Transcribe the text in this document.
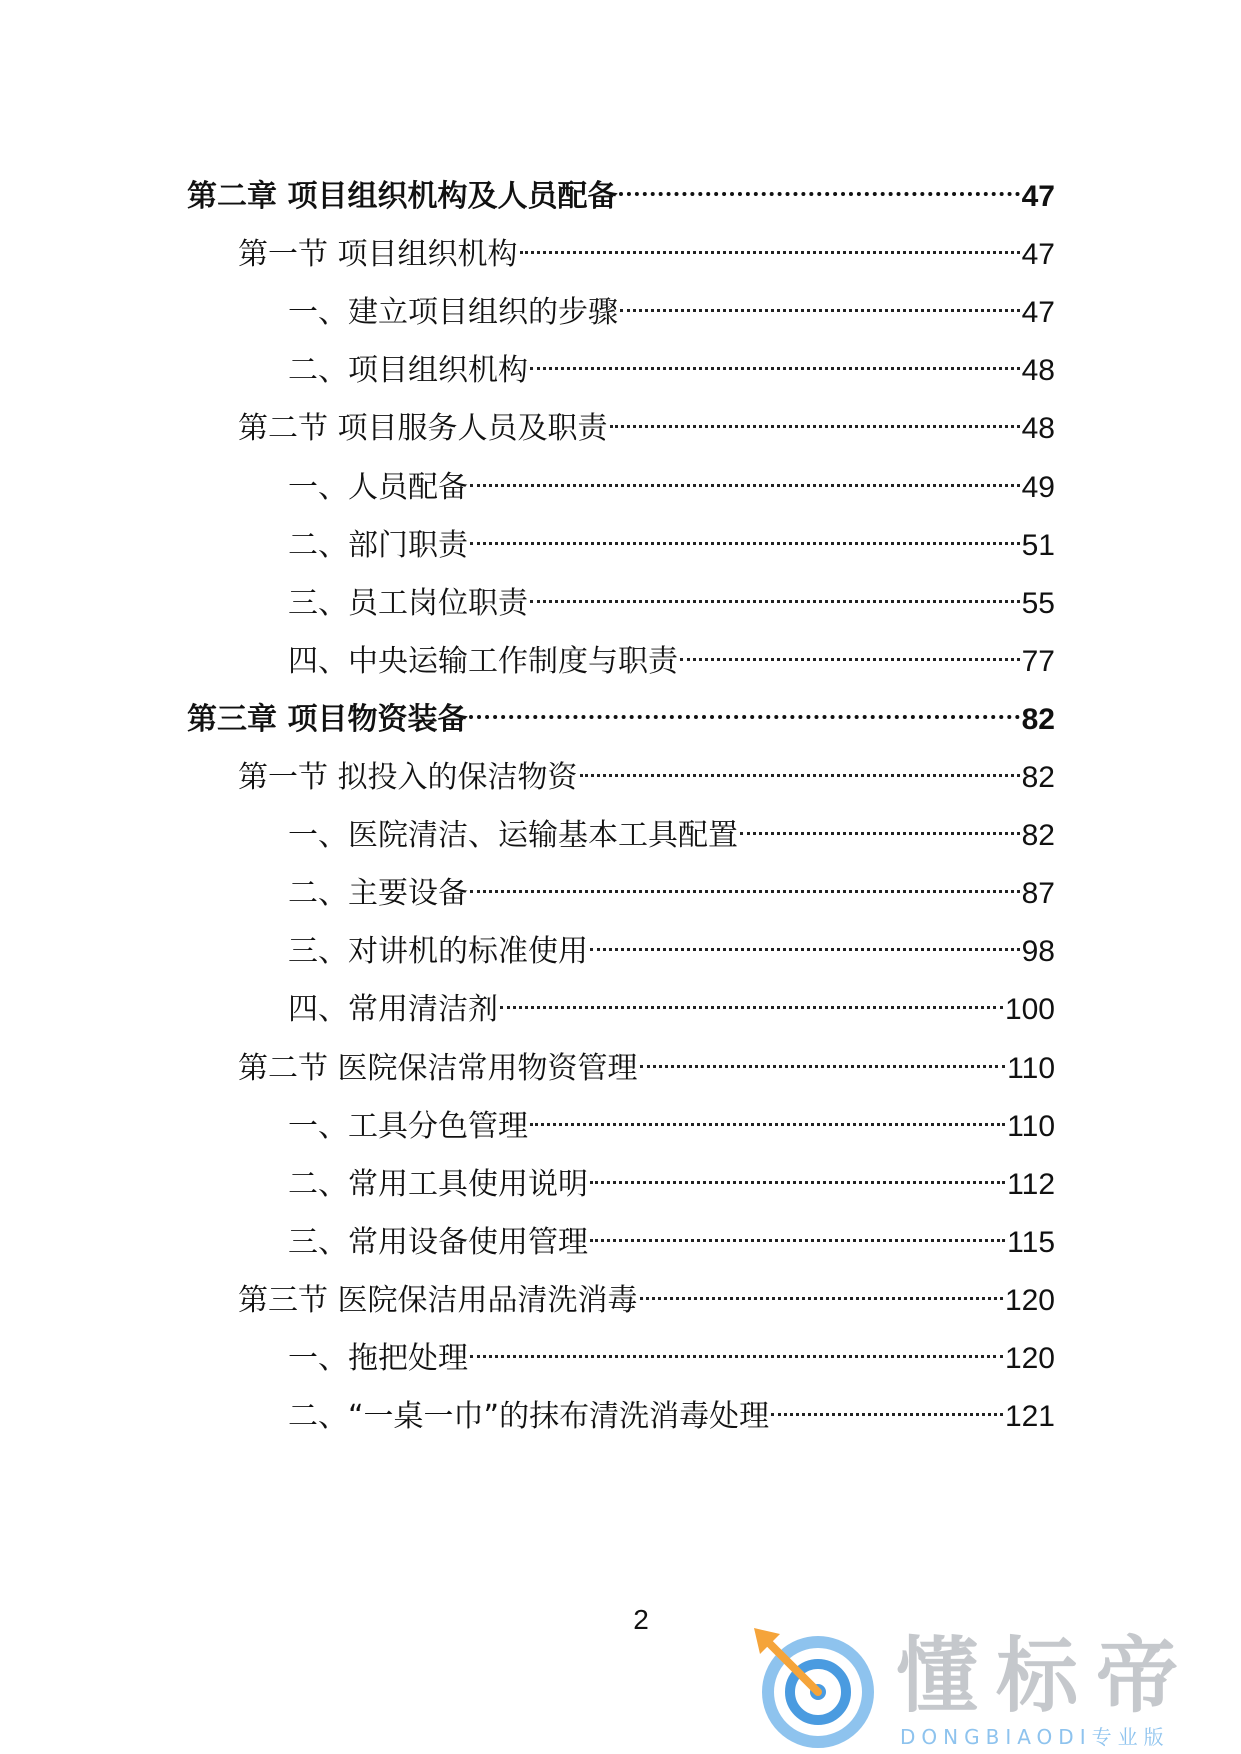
第二章 项目组织机构及人员配备	47
第一节 项目组织机构	47
一、建立项目组织的步骤	47
二、项目组织机构	48
第二节 项目服务人员及职责	48
一、人员配备	49
二、部门职责	51
三、员工岗位职责	55
四、中央运输工作制度与职责	77
第三章 项目物资装备	82
第一节 拟投入的保洁物资	82
一、医院清洁、运输基本工具配置	82
二、主要设备	87
三、对讲机的标准使用	98
四、常用清洁剂	100
第二节 医院保洁常用物资管理	110
一、工具分色管理	110
二、常用工具使用说明	112
三、常用设备使用管理	115
第三节 医院保洁用品清洗消毒	120
一、拖把处理	120
二、“一桌一巾”的抹布清洗消毒处理	121
2
懂标帝
DONGBIAODI专业版
